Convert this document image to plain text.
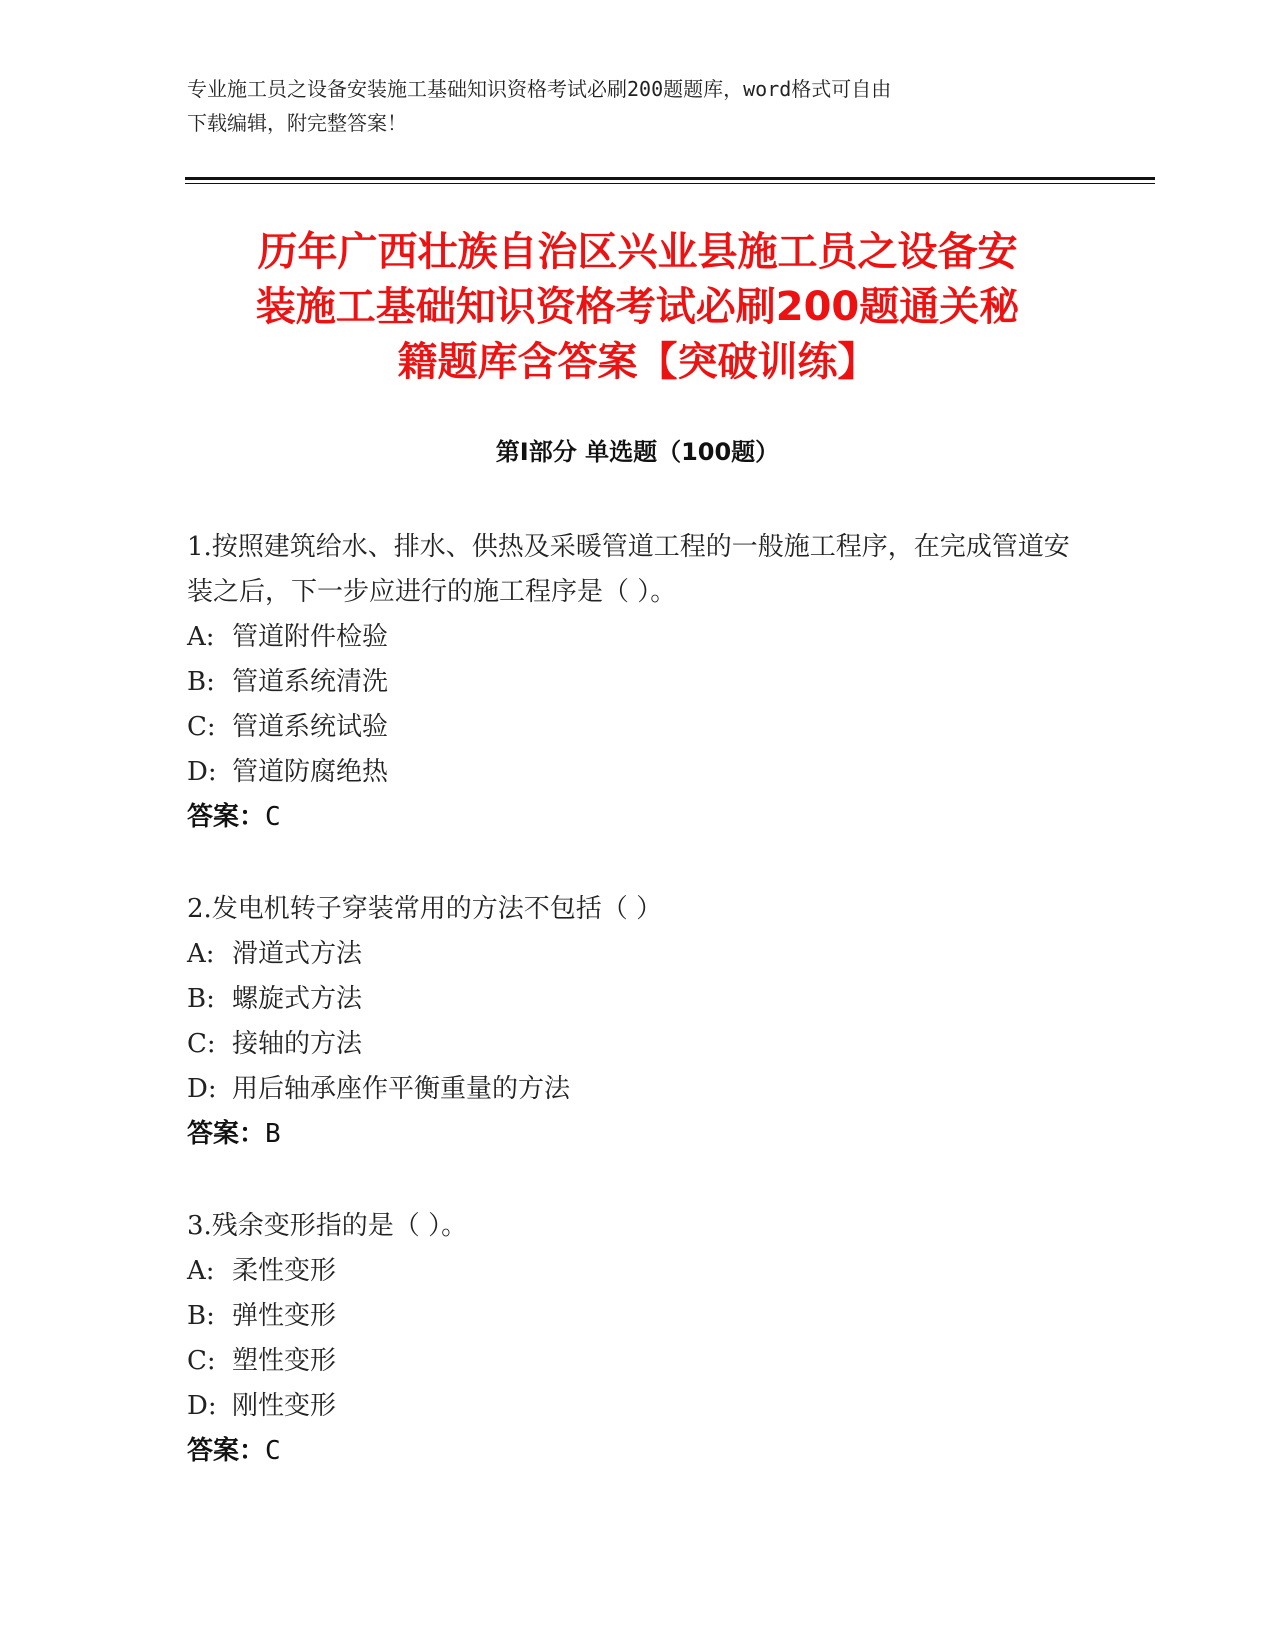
专业施工员之设备安装施工基础知识资格考试必刷200题题库，word格式可自由
下载编辑，附完整答案！
历年广西壮族自治区兴业县施工员之设备安
装施工基础知识资格考试必刷200题通关秘
籍题库含答案【突破训练】
第I部分 单选题（100题）
1.按照建筑给水、排水、供热及采暖管道工程的一般施工程序，在完成管道安装之后，下一步应进行的施工程序是（ ）。
A: 管道附件检验
B: 管道系统清洗
C: 管道系统试验
D: 管道防腐绝热
答案：C
2.发电机转子穿装常用的方法不包括（ ）
A: 滑道式方法
B: 螺旋式方法
C: 接轴的方法
D: 用后轴承座作平衡重量的方法
答案：B
3.残余变形指的是（ ）。
A: 柔性变形
B: 弹性变形
C: 塑性变形
D: 刚性变形
答案：C
